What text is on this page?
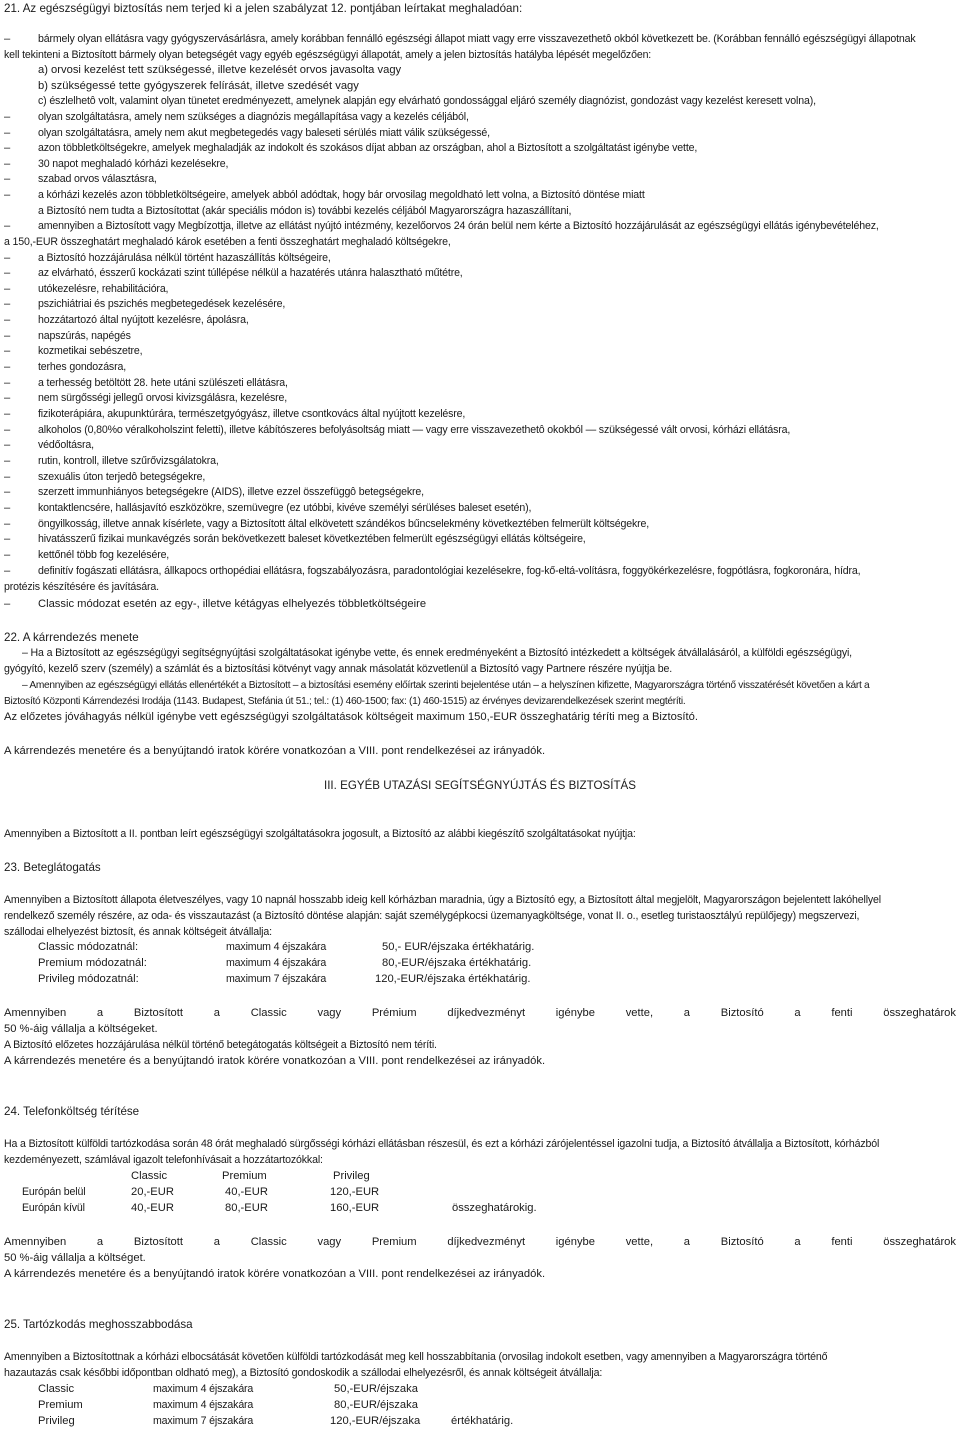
21. Az egészségügyi biztosítás nem terjed ki a jelen szabályzat 12. pontjában leírtakat meghaladóan:
–	bármely olyan ellátásra vagy gyógyszervásárlásra, amely korábban fennálló egészségi állapot miatt vagy erre visszavezethetô okból következett be. (Korábban fennálló egészségügyi állapotnak
kell tekinteni a Biztosított bármely olyan betegségét vagy egyéb egészségügyi állapotát, amely a jelen biztosítás hatályba lépését megelőzően:
a) orvosi kezelést tett szükségessé, illetve kezelését orvos javasolta vagy
b) szükségessé tette gyógyszerek felírását, illetve szedését vagy
c) észlelhetô volt, valamint olyan tünetet eredményezett, amelynek alapján egy elvárható gondossággal eljáró személy diagnózist, gondozást vagy kezelést keresett volna),
–	olyan szolgáltatásra, amely nem szükséges a diagnózis megállapítása vagy a kezelés céljából,
–	olyan szolgáltatásra, amely nem akut megbetegedés vagy baleseti sérülés miatt válik szükségessé,
–	azon többletköltségekre, amelyek meghaladják az indokolt és szokásos díjat abban az országban, ahol a Biztosított a szolgáltatást igénybe vette,
–	30 napot meghaladó kórházi kezelésekre,
–	szabad orvos választásra,
–	a kórházi kezelés azon többletköltségeire, amelyek abból adódtak, hogy bár orvosilag megoldható lett volna, a Biztosító döntése miatt
a Biztosító nem tudta a Biztosítottat (akár speciális módon is) további kezelés céljából Magyarországra hazaszállítani,
–	amennyiben a Biztosított vagy Megbízottja, illetve az ellátást nyújtó intézmény, kezelőorvos 24 órán belül nem kérte a Biztosító hozzájárulását az egészségügyi ellátás igénybevételéhez,
a 150,-EUR összeghatárt meghaladó károk esetében a fenti összeghatárt meghaladó költségekre,
–	a Biztosító hozzájárulása nélkül történt hazaszállítás költségeire,
–	az elvárható, ésszerű kockázati szint túllépése nélkül a hazatérés utánra halasztható műtétre,
–	utókezelésre, rehabilitációra,
–	pszichiátriai és pszichés megbetegedések kezelésére,
–	hozzátartozó által nyújtott kezelésre, ápolásra,
–	napszúrás, napégés
–	kozmetikai sebészetre,
–	terhes gondozásra,
–	a terhesség betöltött 28. hete utáni szülészeti ellátásra,
–	nem sürgősségi jellegű orvosi kivizsgálásra, kezelésre,
–	fizikoterápiára, akupunktúrára, természetgyógyász, illetve csontkovács által nyújtott kezelésre,
–	alkoholos (0,80%o véralkoholszint feletti), illetve kábítószeres befolyásoltság miatt — vagy erre visszavezethetô okokból — szükségessé vált orvosi, kórházi ellátásra,
–	védőoltásra,
–	rutin, kontroll, illetve szűrővizsgálatokra,
–	szexuális úton terjedô betegségekre,
–	szerzett immunhiányos betegségekre (AIDS), illetve ezzel összefüggô betegségekre,
–	kontaktlencsére, hallásjavító eszközökre, szemüvegre (ez utóbbi, kivéve személyi sérüléses baleset esetén),
–	öngyilkosság, illetve annak kísérlete, vagy a Biztosított által elkövetett szándékos bűncselekmény következtében felmerült költségekre,
–	hivatásszerű fizikai munkavégzés során bekövetkezett baleset következtében felmerült egészségügyi ellátás költségeire,
–	kettőnél több fog kezelésére,
–	definitív fogászati ellátásra, állkapocs orthopédiai ellátásra, fogszabályozásra, paradontológiai kezelésekre, fog-kő-eltá-volításra, foggyökérkezelésre, fogpótlásra, fogkoronára, hídra,
protézis készítésére és javítására.
–	Classic módozat esetén az egy-, illetve kétágyas elhelyezés többletköltségeire
22. A kárrendezés menete
– Ha a Biztosított az egészségügyi segítségnyújtási szolgáltatásokat igénybe vette, és ennek eredményeként a Biztosító intézkedett a költségek átvállalásáról, a külföldi egészségügyi,
gyógyító, kezelő szerv (személy) a számlát és a biztosítási kötvényt vagy annak másolatát közvetlenül a Biztosító vagy Partnere részére nyújtja be.
– Amennyiben az egészségügyi ellátás ellenértékét a Biztosított – a biztosítási esemény előírtak szerinti bejelentése után – a helyszínen kifizette, Magyarországra történő visszatérését követően a kárt a
Biztosító Központi Kárrendezési Irodája (1143. Budapest, Stefánia út 51.; tel.: (1) 460-1500; fax: (1) 460-1515) az érvényes devizarendelkezések szerint megtéríti.
Az előzetes jóváhagyás nélkül igénybe vett egészségügyi szolgáltatások költségeit maximum 150,-EUR összeghatárig téríti meg a Biztosító.
A kárrendezés menetére és a benyújtandó iratok körére vonatkozóan a VIII. pont rendelkezései az irányadók.
III. EGYÉB UTAZÁSI SEGÍTSÉGNYÚJTÁS ÉS BIZTOSÍTÁS
Amennyiben a Biztosított a II. pontban leírt egészségügyi szolgáltatásokra jogosult, a Biztosító az alábbi kiegészítő szolgáltatásokat nyújtja:
23. Beteglátogatás
Amennyiben a Biztosított állapota életveszélyes, vagy 10 napnál hosszabb ideig kell kórházban maradnia, úgy a Biztosító egy, a Biztosított által megjelölt, Magyarországon bejelentett lakóhellyel
rendelkező személy részére, az oda- és visszautazást (a Biztosító döntése alapján: saját személygépkocsi üzemanyagköltsége, vonat II. o., esetleg turistaosztályú repülőjegy) megszervezi,
szállodai elhelyezést biztosít, és annak költségeit átvállalja:
Classic módozatnál:	maximum 4 éjszakára	50,- EUR/éjszaka értékhatárig.
Premium módozatnál:	maximum 4 éjszakára	80,-EUR/éjszaka értékhatárig.
Privileg módozatnál:	maximum 7 éjszakára	120,-EUR/éjszaka értékhatárig.
Amennyiben a Biztosított a Classic vagy Prémium díjkedvezményt igénybe vette, a Biztosító a fenti összeghatárok
50 %-áig vállalja a költségeket.
A Biztosító előzetes hozzájárulása nélkül történő betegátogatás költségeit a Biztosító nem téríti.
A kárrendezés menetére és a benyújtandó iratok körére vonatkozóan a VIII. pont rendelkezései az irányadók.
24. Telefonköltség térítése
Ha a Biztosított külföldi tartózkodása során 48 órát meghaladó sürgősségi kórházi ellátásban részesül, és ezt a kórházi zárójelentéssel igazolni tudja, a Biztosító átvállalja a Biztosított, kórházból
kezdeményezett, számlával igazolt telefonhívásait a hozzátartozókkal:
Classic	Premium	Privileg
Európán belül	20,-EUR	40,-EUR	120,-EUR
Európán kívül	40,-EUR	80,-EUR	160,-EUR	összeghatárokig.
Amennyiben a Biztosított a Classic vagy Premium díjkedvezményt igénybe vette, a Biztosító a fenti összeghatárok
50 %-áig vállalja a költséget.
A kárrendezés menetére és a benyújtandó iratok körére vonatkozóan a VIII. pont rendelkezései az irányadók.
25. Tartózkodás meghosszabbodása
Amennyiben a Biztosítottnak a kórházi elbocsátását követően külföldi tartózkodását meg kell hosszabbítania (orvosilag indokolt esetben, vagy amennyiben a Magyarországra történő
hazautazás csak későbbi időpontban oldható meg), a Biztosító gondoskodik a szállodai elhelyezésről, és annak költségeit átvállalja:
Classic	maximum 4 éjszakára	50,-EUR/éjszaka
Premium	maximum 4 éjszakára	80,-EUR/éjszaka
Privileg	maximum 7 éjszakára	120,-EUR/éjszaka	értékhatárig.
